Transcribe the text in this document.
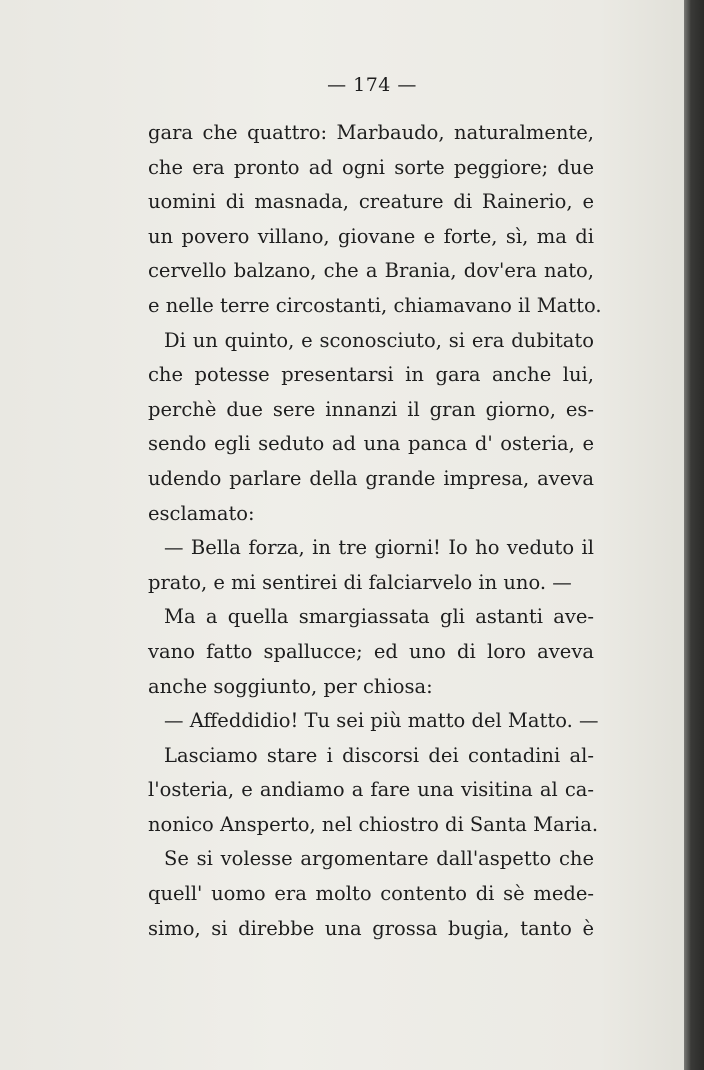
— 174 —
gara che quattro: Marbaudo, naturalmente,
che era pronto ad ogni sorte peggiore; due
uomini di masnada, creature di Rainerio, e
un povero villano, giovane e forte, sì, ma di
cervello balzano, che a Brania, dov'era nato,
e nelle terre circostanti, chiamavano il Matto.
Di un quinto, e sconosciuto, si era dubitato
che potesse presentarsi in gara anche lui,
perchè due sere innanzi il gran giorno, es-
sendo egli seduto ad una panca d' osteria, e
udendo parlare della grande impresa, aveva
esclamato:
— Bella forza, in tre giorni! Io ho veduto il
prato, e mi sentirei di falciarvelo in uno. —
Ma a quella smargiassata gli astanti ave-
vano fatto spallucce; ed uno di loro aveva
anche soggiunto, per chiosa:
— Affeddidio! Tu sei più matto del Matto. —
Lasciamo stare i discorsi dei contadini al-
l'osteria, e andiamo a fare una visitina al ca-
nonico Ansperto, nel chiostro di Santa Maria.
Se si volesse argomentare dall'aspetto che
quell' uomo era molto contento di sè mede-
simo, si direbbe una grossa bugia, tanto è
